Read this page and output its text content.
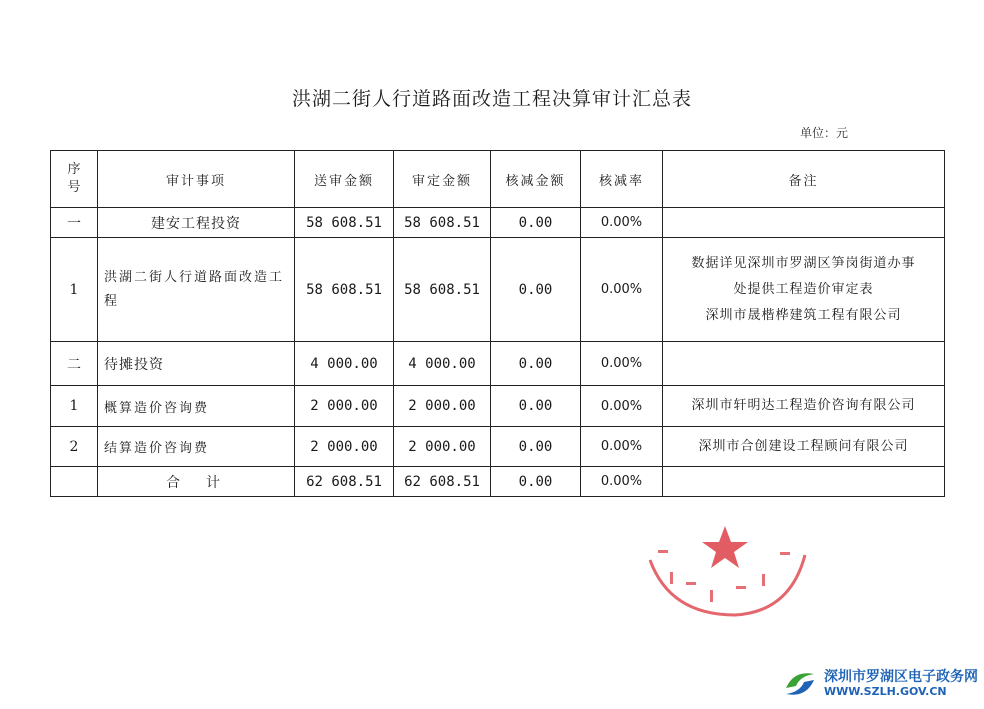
洪湖二街人行道路面改造工程决算审计汇总表
单位：元
序号	审计事项	送审金额	审定金额	核减金额	核减率	备注
一	建安工程投资	58 608.51	58 608.51	0.00	0.00%	
1	洪湖二街人行道路面改造工程	58 608.51	58 608.51	0.00	0.00%	数据详见深圳市罗湖区笋岗街道办事
处提供工程造价审定表
深圳市晟楷桦建筑工程有限公司

二	待摊投资	4 000.00	4 000.00	0.00	0.00%	
1	概算造价咨询费	2 000.00	2 000.00	0.00	0.00%	深圳市轩明达工程造价咨询有限公司
2	结算造价咨询费	2 000.00	2 000.00	0.00	0.00%	深圳市合创建设工程顾问有限公司
	合　计	62 608.51	62 608.51	0.00	0.00%	
深圳市罗湖区电子政务网
WWW.SZLH.GOV.CN
